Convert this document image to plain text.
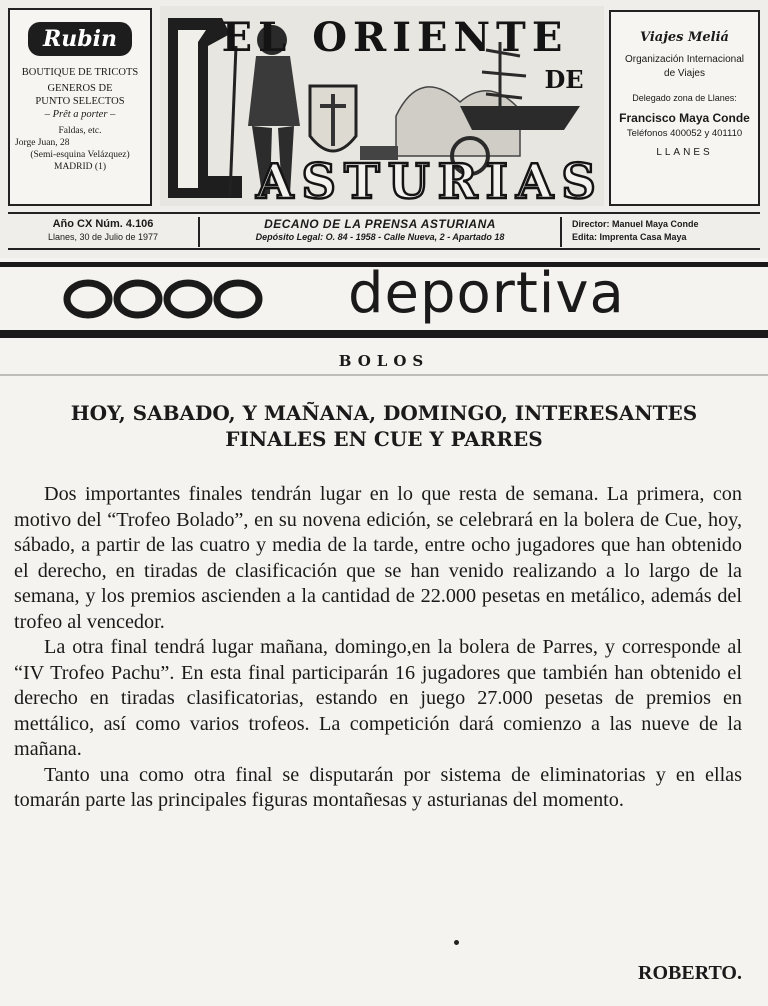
Rubin
BOUTIQUE DE TRICOTS
GENEROS DE
PUNTO SELECTOS
– Prêt a porter –
Faldas, etc.
Jorge Juan, 28
(Semi-esquina Velázquez)
MADRID (1)
EL ORIENTE
DE
ASTURIAS
Viajes Meliá
Organización Internacional
de Viajes
Delegado zona de Llanes:
Francisco Maya Conde
Teléfonos 400052 y 401110
LLANES
Año CX Núm. 4.106
Llanes, 30 de Julio de 1977
DECANO DE LA PRENSA ASTURIANA
Depósito Legal: O. 84 - 1958 - Calle Nueva, 2 - Apartado 18
Director: Manuel Maya Conde
Edita: Imprenta Casa Maya
deportiva
BOLOS
HOY, SABADO, Y MAÑANA, DOMINGO, INTERESANTES FINALES EN CUE Y PARRES

Dos importantes finales tendrán lugar en lo que resta de semana. La primera, con motivo del “Trofeo Bolado”, en su novena edición, se celebrará en la bolera de Cue, hoy, sábado, a partir de las cuatro y media de la tarde, entre ocho jugadores que han obtenido el derecho, en tiradas de clasificación que se han venido realizando a lo largo de la semana, y los premios ascienden a la cantidad de 22.000 pesetas en metálico, además del trofeo al vencedor.

La otra final tendrá lugar mañana, domingo,en la bolera de Parres, y corresponde al “IV Trofeo Pachu”. En esta final participarán 16 jugadores que también han obtenido el derecho en tiradas clasificatorias, estando en juego 27.000 pesetas de premios en mettálico, así como varios trofeos. La competición dará comienzo a las nueve de la mañana.

Tanto una como otra final se disputarán por sistema de eliminatorias y en ellas tomarán parte las principales figuras montañesas y asturianas del momento.

ROBERTO.
